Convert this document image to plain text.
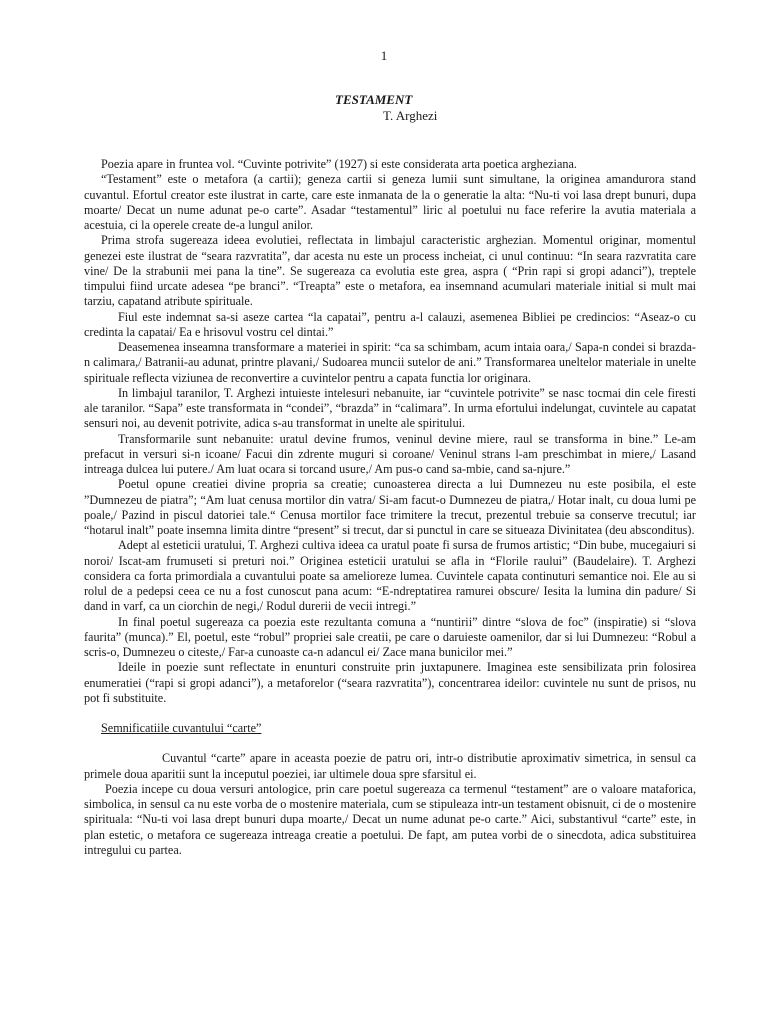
1
TESTAMENT
T. Arghezi

Poezia apare in fruntea vol. “Cuvinte potrivite” (1927) si este considerata arta poetica argheziana.

“Testament” este o metafora (a cartii); geneza cartii si geneza lumii sunt simultane, la originea amandurora stand cuvantul. Efortul creator este ilustrat in carte, care este inmanata de la o generatie la alta: “Nu-ti voi lasa drept bunuri, dupa moarte/ Decat un nume adunat pe-o carte”. Asadar “testamentul” liric al poetului nu face referire la avutia materiala a acestuia, ci la operele create de-a lungul anilor.

Prima strofa sugereaza ideea evolutiei, reflectata in limbajul caracteristic arghezian. Momentul originar, momentul genezei este ilustrat de “seara razvratita”, dar acesta nu este un process incheiat, ci unul continuu: “In seara razvratita care vine/ De la strabunii mei pana la tine”. Se sugereaza ca evolutia este grea, aspra ( “Prin rapi si gropi adanci”), treptele timpului fiind urcate adesea “pe branci”. “Treapta” este o metafora, ea insemnand acumulari materiale initial si mult mai tarziu, capatand atribute spirituale.

Fiul este indemnat sa-si aseze cartea “la capatai”, pentru a-l calauzi, asemenea Bibliei pe credincios: “Aseaz-o cu credinta la capatai/ Ea e hrisovul vostru cel dintai.”

Deasemenea inseamna transformare a materiei in spirit: “ca sa schimbam, acum intaia oara,/ Sapa-n condei si brazda-n calimara,/ Batranii-au adunat, printre plavani,/ Sudoarea muncii sutelor de ani.” Transformarea uneltelor materiale in unelte spirituale reflecta viziunea de reconvertire a cuvintelor pentru a capata functia lor originara.

In limbajul taranilor, T. Arghezi intuieste intelesuri nebanuite, iar “cuvintele potrivite” se nasc tocmai din cele firesti ale taranilor. “Sapa” este transformata in “condei”, “brazda” in “calimara”. In urma efortului indelungat, cuvintele au capatat sensuri noi, au devenit potrivite, adica s-au transformat in unelte ale spiritului.

Transformarile sunt nebanuite: uratul devine frumos, veninul devine miere, raul se transforma in bine.” Le-am prefacut in versuri si-n icoane/ Facui din zdrente muguri si coroane/ Veninul strans l-am preschimbat in miere,/ Lasand intreaga dulcea lui putere./ Am luat ocara si torcand usure,/ Am pus-o cand sa-mbie, cand sa-njure.”

Poetul opune creatiei divine propria sa creatie; cunoasterea directa a lui Dumnezeu nu este posibila, el este ”Dumnezeu de piatra”; “Am luat cenusa mortilor din vatra/ Si-am facut-o Dumnezeu de piatra,/ Hotar inalt, cu doua lumi pe poale,/ Pazind in piscul datoriei tale.“ Cenusa mortilor face trimitere la trecut, prezentul trebuie sa conserve trecutul; iar “hotarul inalt” poate insemna limita dintre “present” si trecut, dar si punctul in care se situeaza Divinitatea (deu absconditus).

Adept al esteticii uratului, T. Arghezi cultiva ideea ca uratul poate fi sursa de frumos artistic; “Din bube, mucegaiuri si noroi/ Iscat-am frumuseti si preturi noi.” Originea esteticii uratului se afla in “Florile raului” (Baudelaire). T. Arghezi considera ca forta primordiala a cuvantului poate sa amelioreze lumea. Cuvintele capata continuturi semantice noi. Ele au si rolul de a pedepsi ceea ce nu a fost cunoscut pana acum: “E-ndreptatirea ramurei obscure/ Iesita la lumina din padure/ Si dand in varf, ca un ciorchin de negi,/ Rodul durerii de vecii intregi.”

In final poetul sugereaza ca poezia este rezultanta comuna a “nuntirii” dintre “slova de foc” (inspiratie) si “slova faurita” (munca).” El, poetul, este “robul” propriei sale creatii, pe care o daruieste oamenilor, dar si lui Dumnezeu: “Robul a scris-o, Dumnezeu o citeste,/ Far-a cunoaste ca-n adancul ei/ Zace mana bunicilor mei.”

Ideile in poezie sunt reflectate in enunturi construite prin juxtapunere. Imaginea este sensibilizata prin folosirea enumeratiei (“rapi si gropi adanci”), a metaforelor (“seara razvratita”), concentrarea ideilor: cuvintele nu sunt de prisos, nu pot fi substituite.

Semnificatiile cuvantului “carte”

Cuvantul “carte” apare in aceasta poezie de patru ori, intr-o distributie aproximativ simetrica, in sensul ca primele doua aparitii sunt la inceputul poeziei, iar ultimele doua spre sfarsitul ei.

Poezia incepe cu doua versuri antologice, prin care poetul sugereaza ca termenul “testament” are o valoare mataforica, simbolica, in sensul ca nu este vorba de o mostenire materiala, cum se stipuleaza intr-un testament obisnuit, ci de o mostenire spirituala: “Nu-ti voi lasa drept bunuri dupa moarte,/ Decat un nume adunat pe-o carte.” Aici, substantivul “carte” este, in plan estetic, o metafora ce sugereaza intreaga creatie a poetului. De fapt, am putea vorbi de o sinecdota, adica substituirea intregului cu partea.
